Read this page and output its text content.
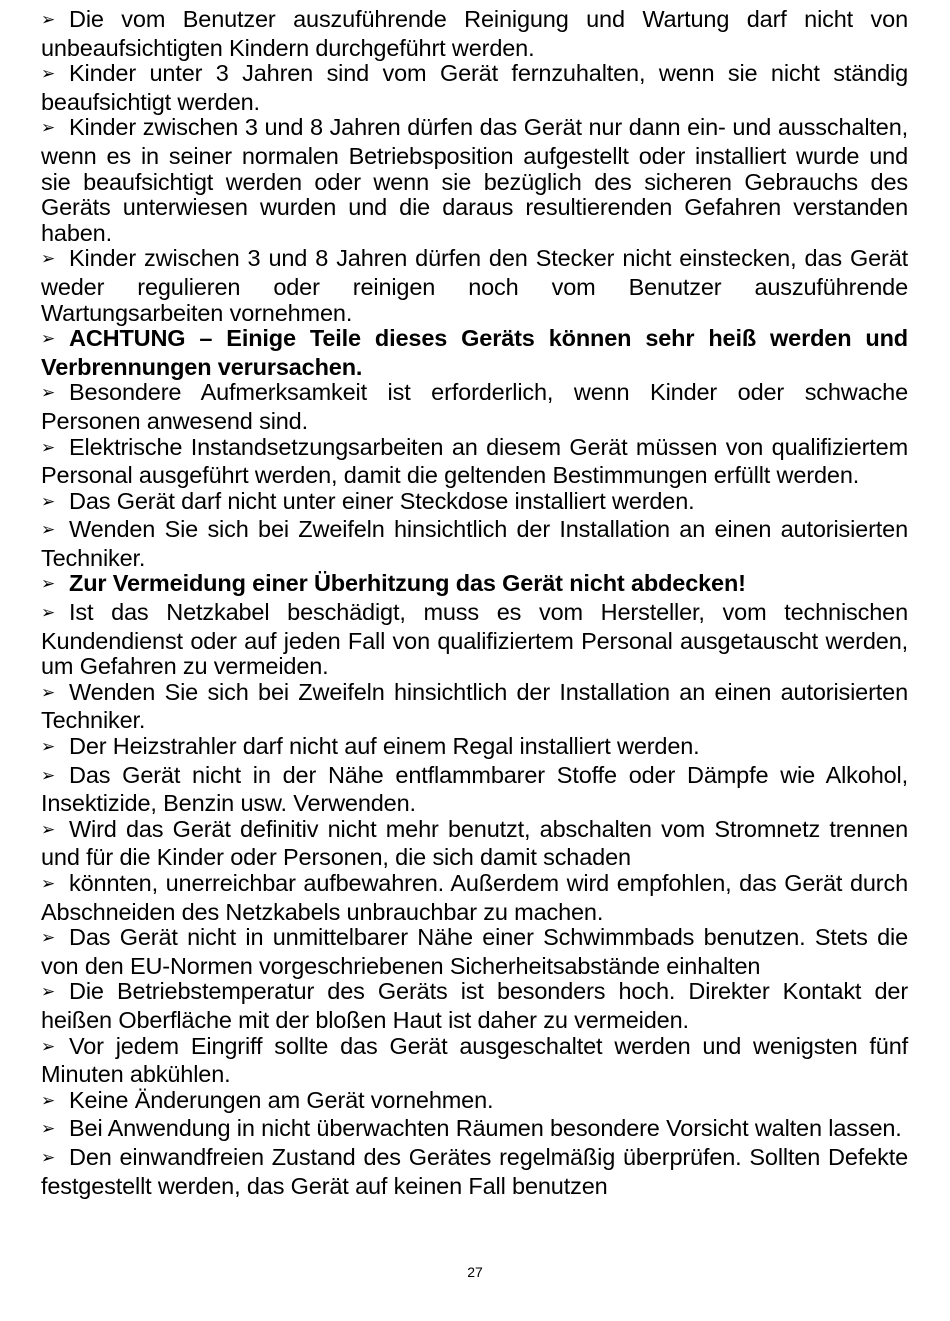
➢ Die vom Benutzer auszuführende Reinigung und Wartung darf nicht von unbeaufsichtigten Kindern durchgeführt werden.

➢ Kinder unter 3 Jahren sind vom Gerät fernzuhalten, wenn sie nicht ständig beaufsichtigt werden.

➢ Kinder zwischen 3 und 8 Jahren dürfen das Gerät nur dann ein- und ausschalten, wenn es in seiner normalen Betriebsposition aufgestellt oder installiert wurde und sie beaufsichtigt werden oder wenn sie bezüglich des sicheren Gebrauchs des Geräts unterwiesen wurden und die daraus resultierenden Gefahren verstanden haben.

➢ Kinder zwischen 3 und 8 Jahren dürfen den Stecker nicht einstecken, das Gerät weder regulieren oder reinigen noch vom Benutzer auszuführende Wartungsarbeiten vornehmen.

➢ ACHTUNG – Einige Teile dieses Geräts können sehr heiß werden und Verbrennungen verursachen.

➢ Besondere Aufmerksamkeit ist erforderlich, wenn Kinder oder schwache Personen anwesend sind.

➢ Elektrische Instandsetzungsarbeiten an diesem Gerät müssen von qualifiziertem Personal ausgeführt werden, damit die geltenden Bestimmungen erfüllt werden.

➢ Das Gerät darf nicht unter einer Steckdose installiert werden.

➢ Wenden Sie sich bei Zweifeln hinsichtlich der Installation an einen autorisierten Techniker.

➢ Zur Vermeidung einer Überhitzung das Gerät nicht abdecken!

➢ Ist das Netzkabel beschädigt, muss es vom Hersteller, vom technischen Kundendienst oder auf jeden Fall von qualifiziertem Personal ausgetauscht werden, um Gefahren zu vermeiden.

➢ Wenden Sie sich bei Zweifeln hinsichtlich der Installation an einen autorisierten Techniker.

➢ Der Heizstrahler darf nicht auf einem Regal installiert werden.

➢ Das Gerät nicht in der Nähe entflammbarer Stoffe oder Dämpfe wie Alkohol, Insektizide, Benzin usw. Verwenden.

➢ Wird das Gerät definitiv nicht mehr benutzt, abschalten vom Stromnetz trennen und für die Kinder oder Personen, die sich damit schaden

➢ könnten, unerreichbar aufbewahren. Außerdem wird empfohlen, das Gerät durch Abschneiden des Netzkabels unbrauchbar zu machen.

➢ Das Gerät nicht in unmittelbarer Nähe einer Schwimmbads benutzen. Stets die von den EU-Normen vorgeschriebenen Sicherheitsabstände einhalten

➢ Die Betriebstemperatur des Geräts ist besonders hoch. Direkter Kontakt der heißen Oberfläche mit der bloßen Haut ist daher zu vermeiden.

➢ Vor jedem Eingriff sollte das Gerät ausgeschaltet werden und wenigsten fünf Minuten abkühlen.

➢ Keine Änderungen am Gerät vornehmen.

➢ Bei Anwendung in nicht überwachten Räumen besondere Vorsicht walten lassen.

➢ Den einwandfreien Zustand des Gerätes regelmäßig überprüfen. Sollten Defekte festgestellt werden, das Gerät auf keinen Fall benutzen

27
